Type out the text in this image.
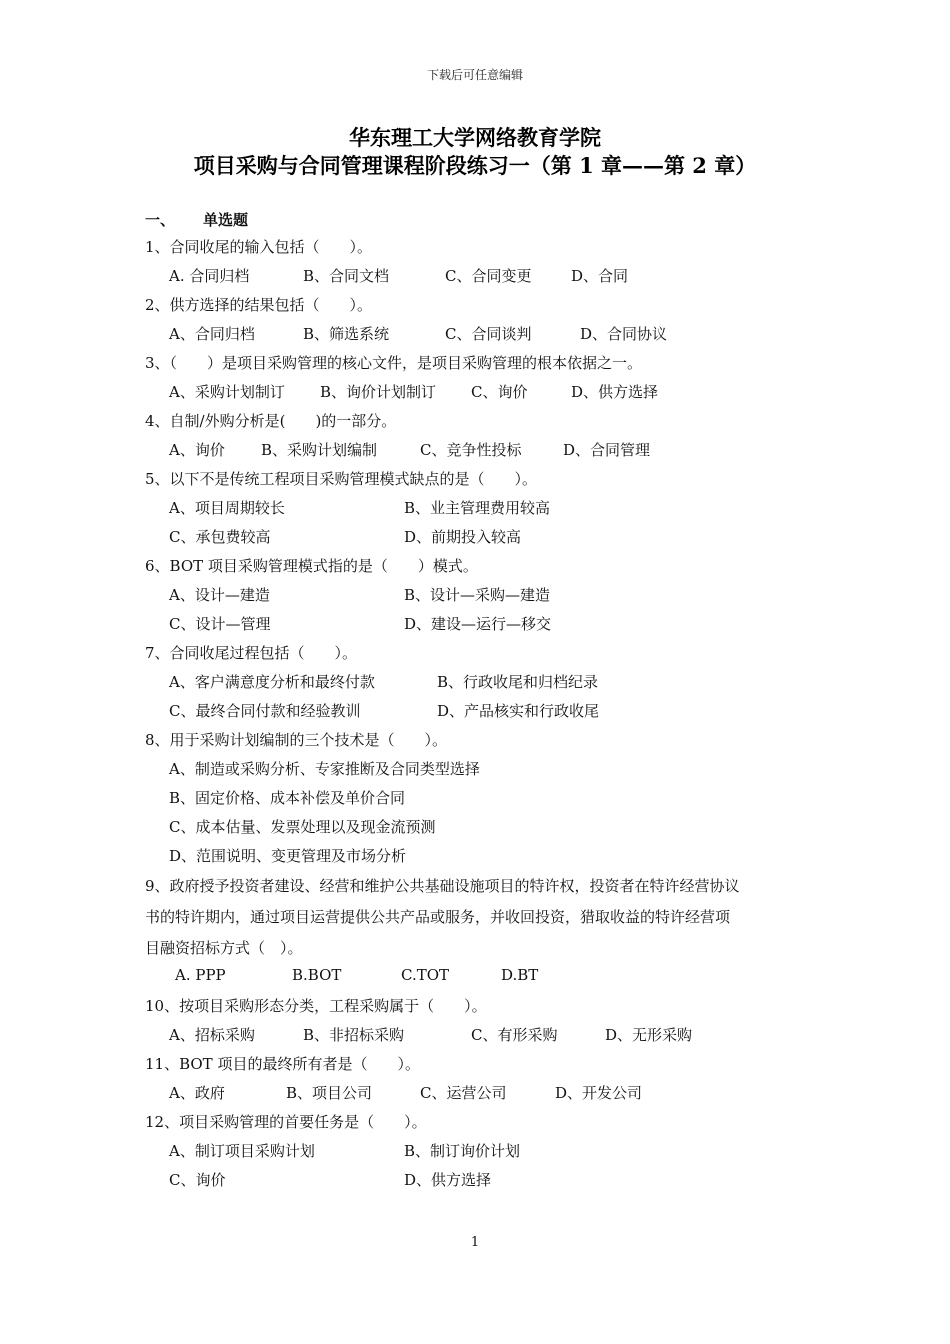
下载后可任意编辑
华东理工大学网络教育学院
项目采购与合同管理课程阶段练习一（第 1 章——第 2 章）
一、 单选题
1、合同收尾的输入包括（　　）。
A. 合同归档	B、合同文档	C、合同变更	D、合同
2、供方选择的结果包括（　　）。
A、合同归档	B、筛选系统	C、合同谈判	D、合同协议
3、（　　）是项目采购管理的核心文件，是项目采购管理的根本依据之一。
A、采购计划制订 B、询价计划制订 C、询价	D、供方选择
4、自制/外购分析是(　　)的一部分。
A、询价 B、采购计划编制	C、竞争性投标	D、合同管理
5、以下不是传统工程项目采购管理模式缺点的是（　　）。
A、项目周期较长	B、业主管理费用较高
C、承包费较高	D、前期投入较高
6、BOT 项目采购管理模式指的是（　　）模式。
A、设计—建造	B、设计—采购—建造
C、设计—管理	D、建设—运行—移交
7、合同收尾过程包括（　　）。
A、客户满意度分析和最终付款	B、行政收尾和归档纪录
C、最终合同付款和经验教训	D、产品核实和行政收尾
8、用于采购计划编制的三个技术是（　　）。
A、制造或采购分析、专家推断及合同类型选择
B、固定价格、成本补偿及单价合同
C、成本估量、发票处理以及现金流预测
D、范围说明、变更管理及市场分析
9、政府授予投资者建设、经营和维护公共基础设施项目的特许权，投资者在特许经营协议
书的特许期内，通过项目运营提供公共产品或服务，并收回投资，猎取收益的特许经营项
目融资招标方式（　）。
A. PPP	B.BOT	C.TOT	D.BT
10、按项目采购形态分类，工程采购属于（　　）。
A、招标采购	B、非招标采购	C、有形采购	D、无形采购
11、BOT 项目的最终所有者是（　　）。
A、政府	B、项目公司	C、运营公司	D、开发公司
12、项目采购管理的首要任务是（　　）。
A、制订项目采购计划	B、制订询价计划
C、询价	D、供方选择
1
